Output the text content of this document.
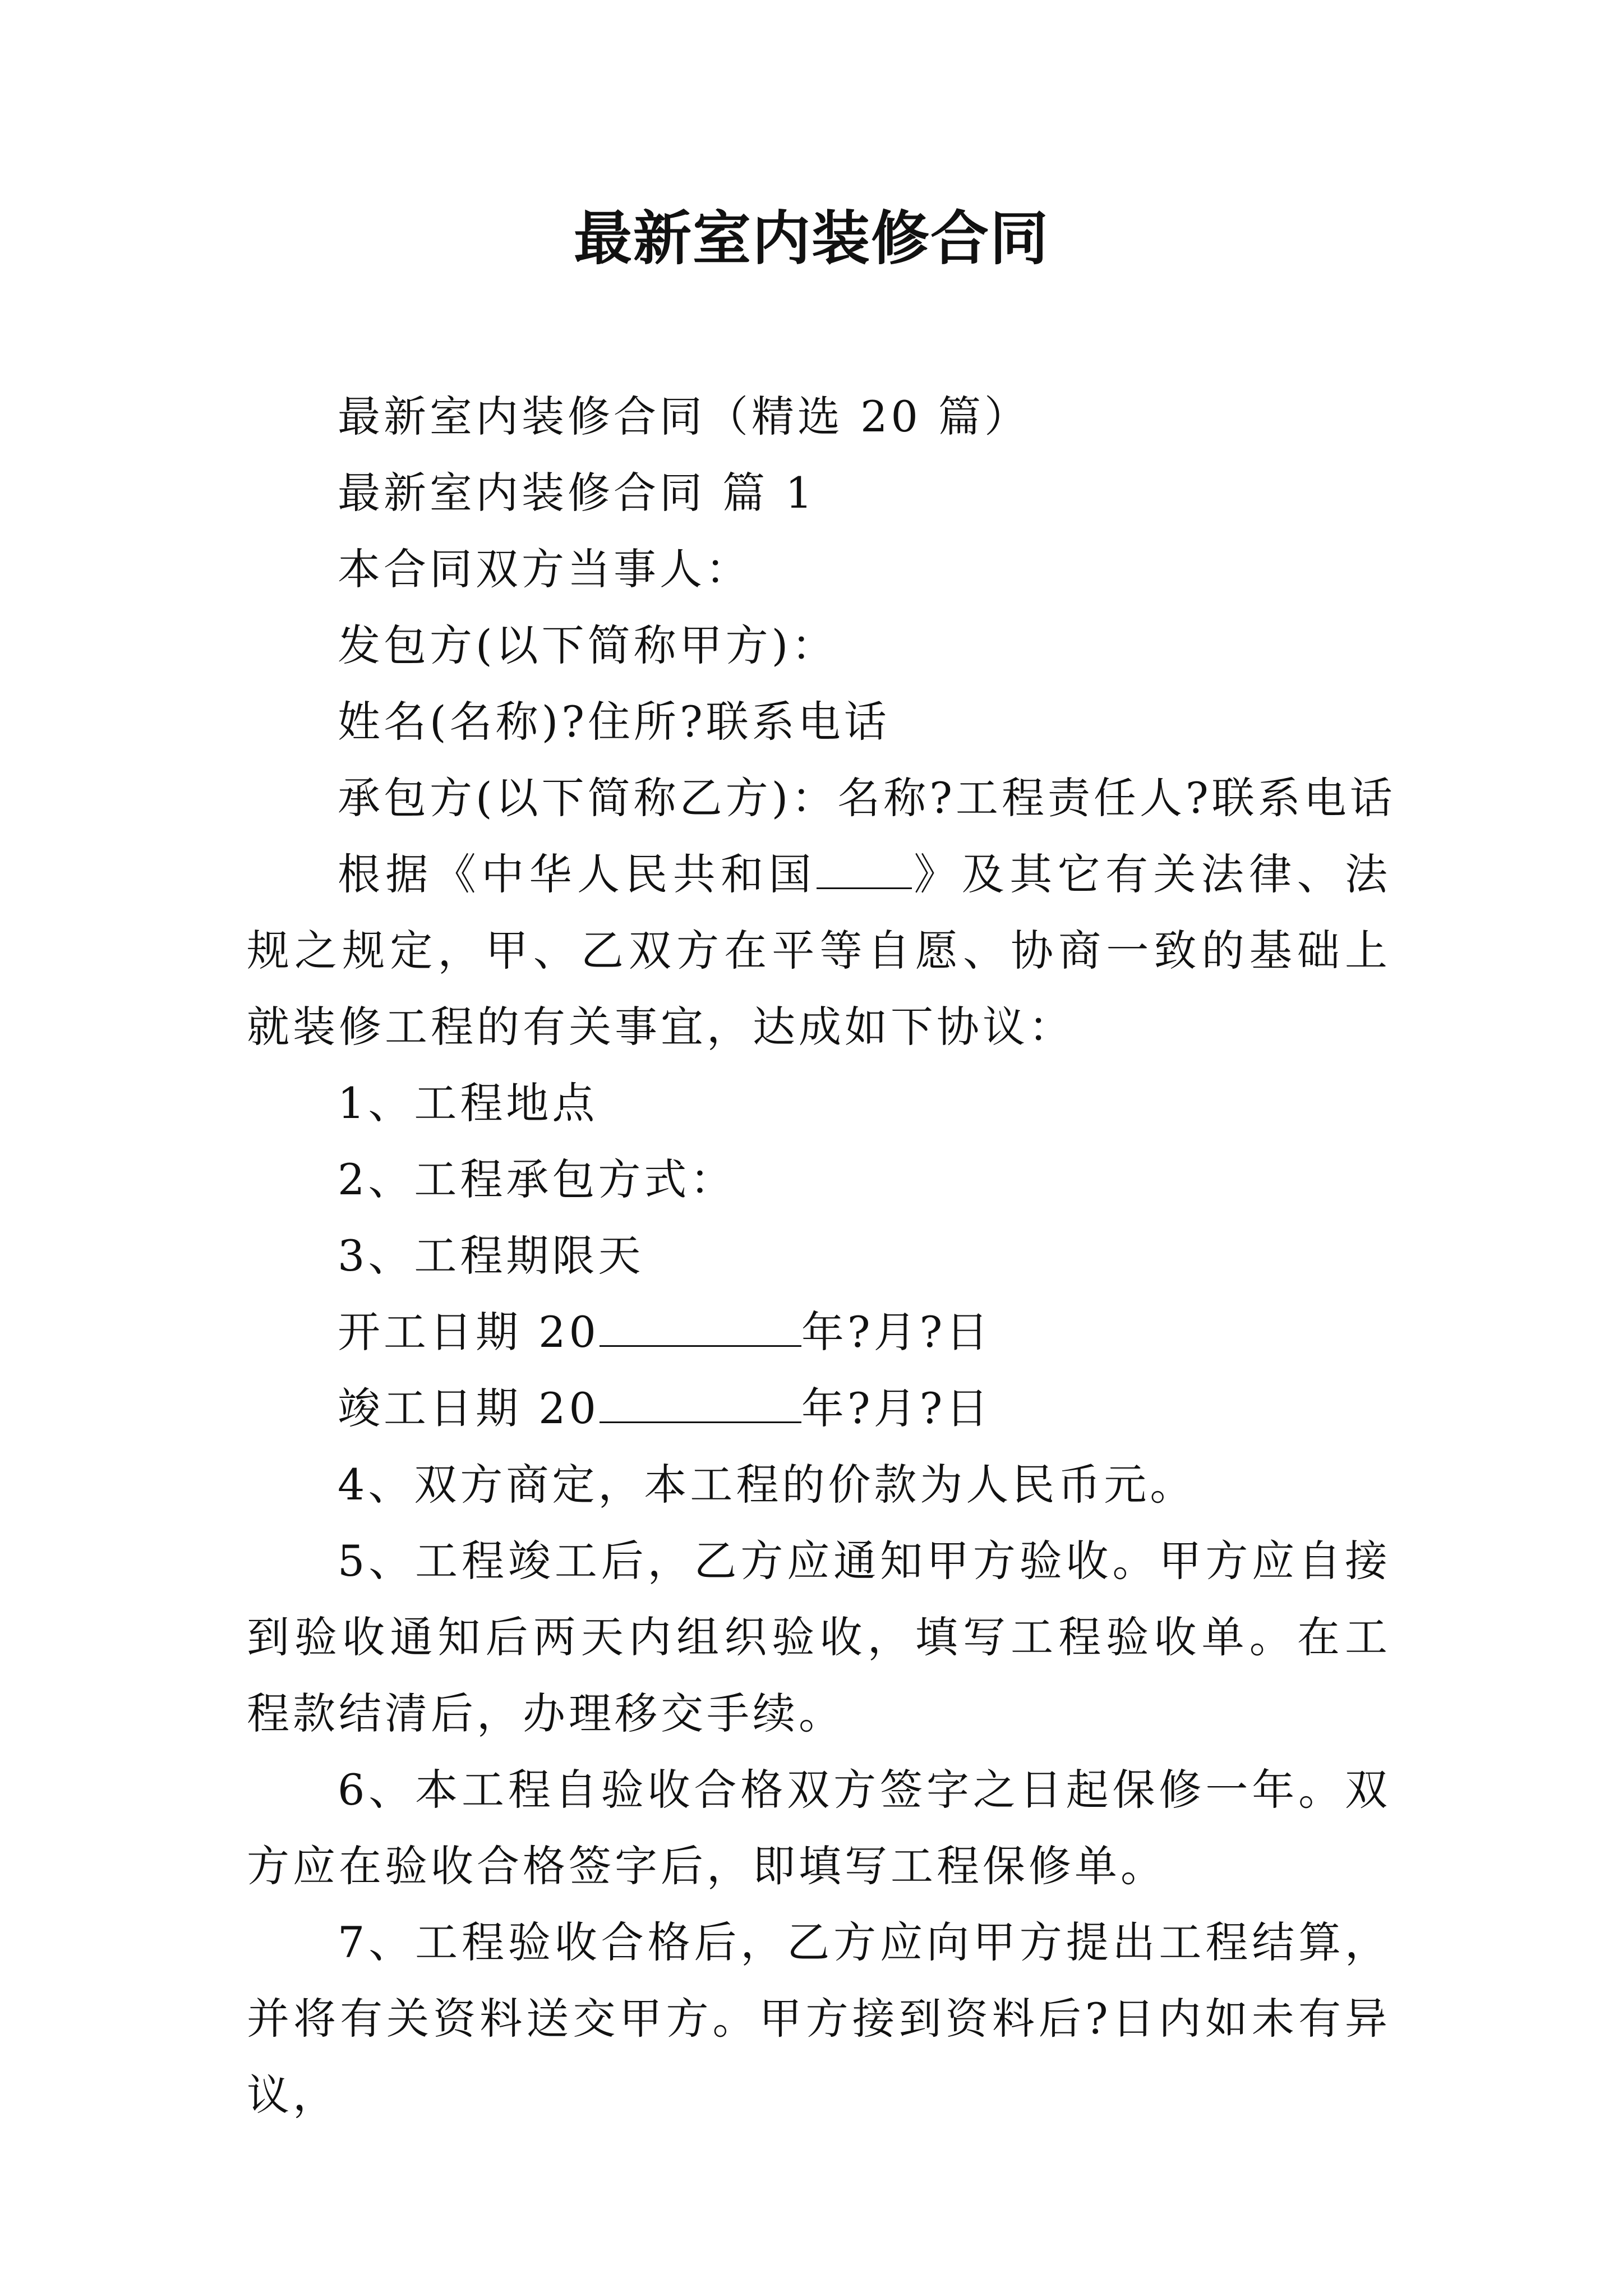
最新室内装修合同

最新室内装修合同（精选 20 篇）

最新室内装修合同 篇 1

本合同双方当事人：

发包方(以下简称甲方)：

姓名(名称)?住所?联系电话

承包方(以下简称乙方)：名称?工程责任人?联系电话

根据《中华人民共和国 》及其它有关法律、法规之规定，甲、乙双方在平等自愿、协商一致的基础上就装修工程的有关事宜，达成如下协议：

1、工程地点

2、工程承包方式：

3、工程期限天

开工日期 20	年?月?日

竣工日期 20	年?月?日

4、双方商定，本工程的价款为人民币元。

5、工程竣工后，乙方应通知甲方验收。甲方应自接到验收通知后两天内组织验收，填写工程验收单。在工程款结清后，办理移交手续。

6、本工程自验收合格双方签字之日起保修一年。双方应在验收合格签字后，即填写工程保修单。

7、工程验收合格后，乙方应向甲方提出工程结算，并将有关资料送交甲方。甲方接到资料后?日内如未有异议，
